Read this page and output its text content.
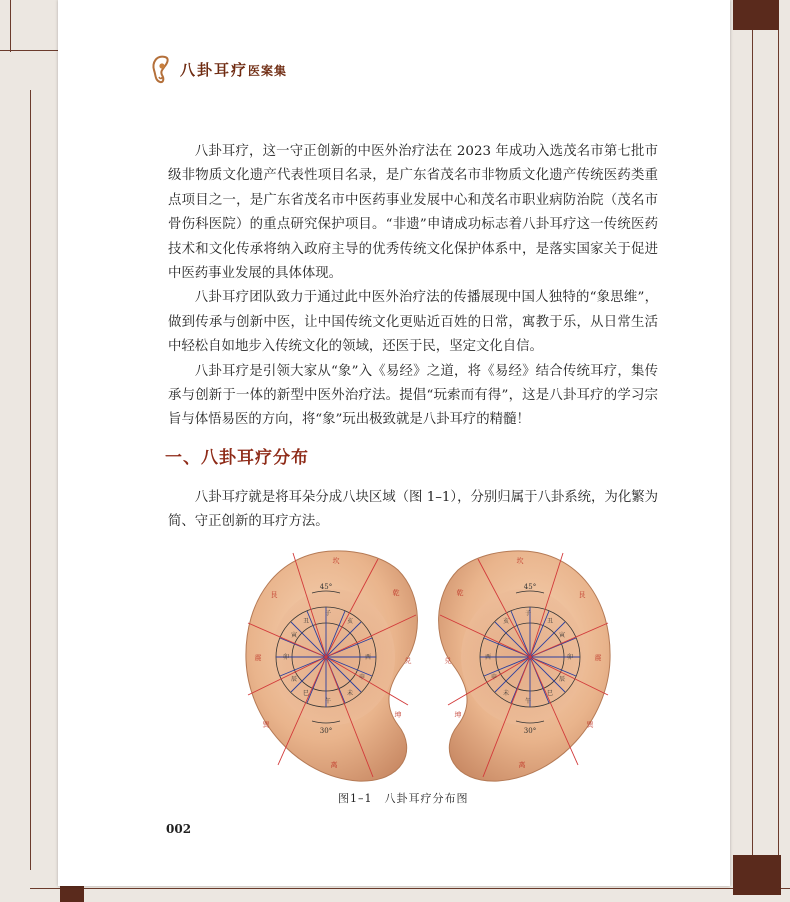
八卦耳疗医案集

八卦耳疗，这一守正创新的中医外治疗法在 2023 年成功入选茂名市第七批市级非物质文化遗产代表性项目名录，是广东省茂名市非物质文化遗产传统医药类重点项目之一，是广东省茂名市中医药事业发展中心和茂名市职业病防治院（茂名市骨伤科医院）的重点研究保护项目。“非遗”申请成功标志着八卦耳疗这一传统医药技术和文化传承将纳入政府主导的优秀传统文化保护体系中，是落实国家关于促进中医药事业发展的具体体现。

八卦耳疗团队致力于通过此中医外治疗法的传播展现中国人独特的“象思维”，做到传承与创新中医，让中国传统文化更贴近百姓的日常，寓教于乐，从日常生活中轻松自如地步入传统文化的领域，还医于民，坚定文化自信。

八卦耳疗是引领大家从“象”入《易经》之道，将《易经》结合传统耳疗，集传承与创新于一体的新型中医外治疗法。提倡“玩索而有得”，这是八卦耳疗的学习宗旨与体悟易医的方向，将“象”玩出极致就是八卦耳疗的精髓！

一、八卦耳疗分布

八卦耳疗就是将耳朵分成八块区域（图 1–1），分别归属于八卦系统，为化繁为简、守正创新的耳疗方法。

45°
30°
坎
艮	乾
震	兑
巽
坤
离
子
丑
寅
卯
辰
巳
午
未
申
酉
亥
45°
30°
坎
乾	艮
兑	震
坤
巽
离
子
亥	丑
酉
寅
卯
申	辰
未	巳
午
图1–1　八卦耳疗分布图
002
